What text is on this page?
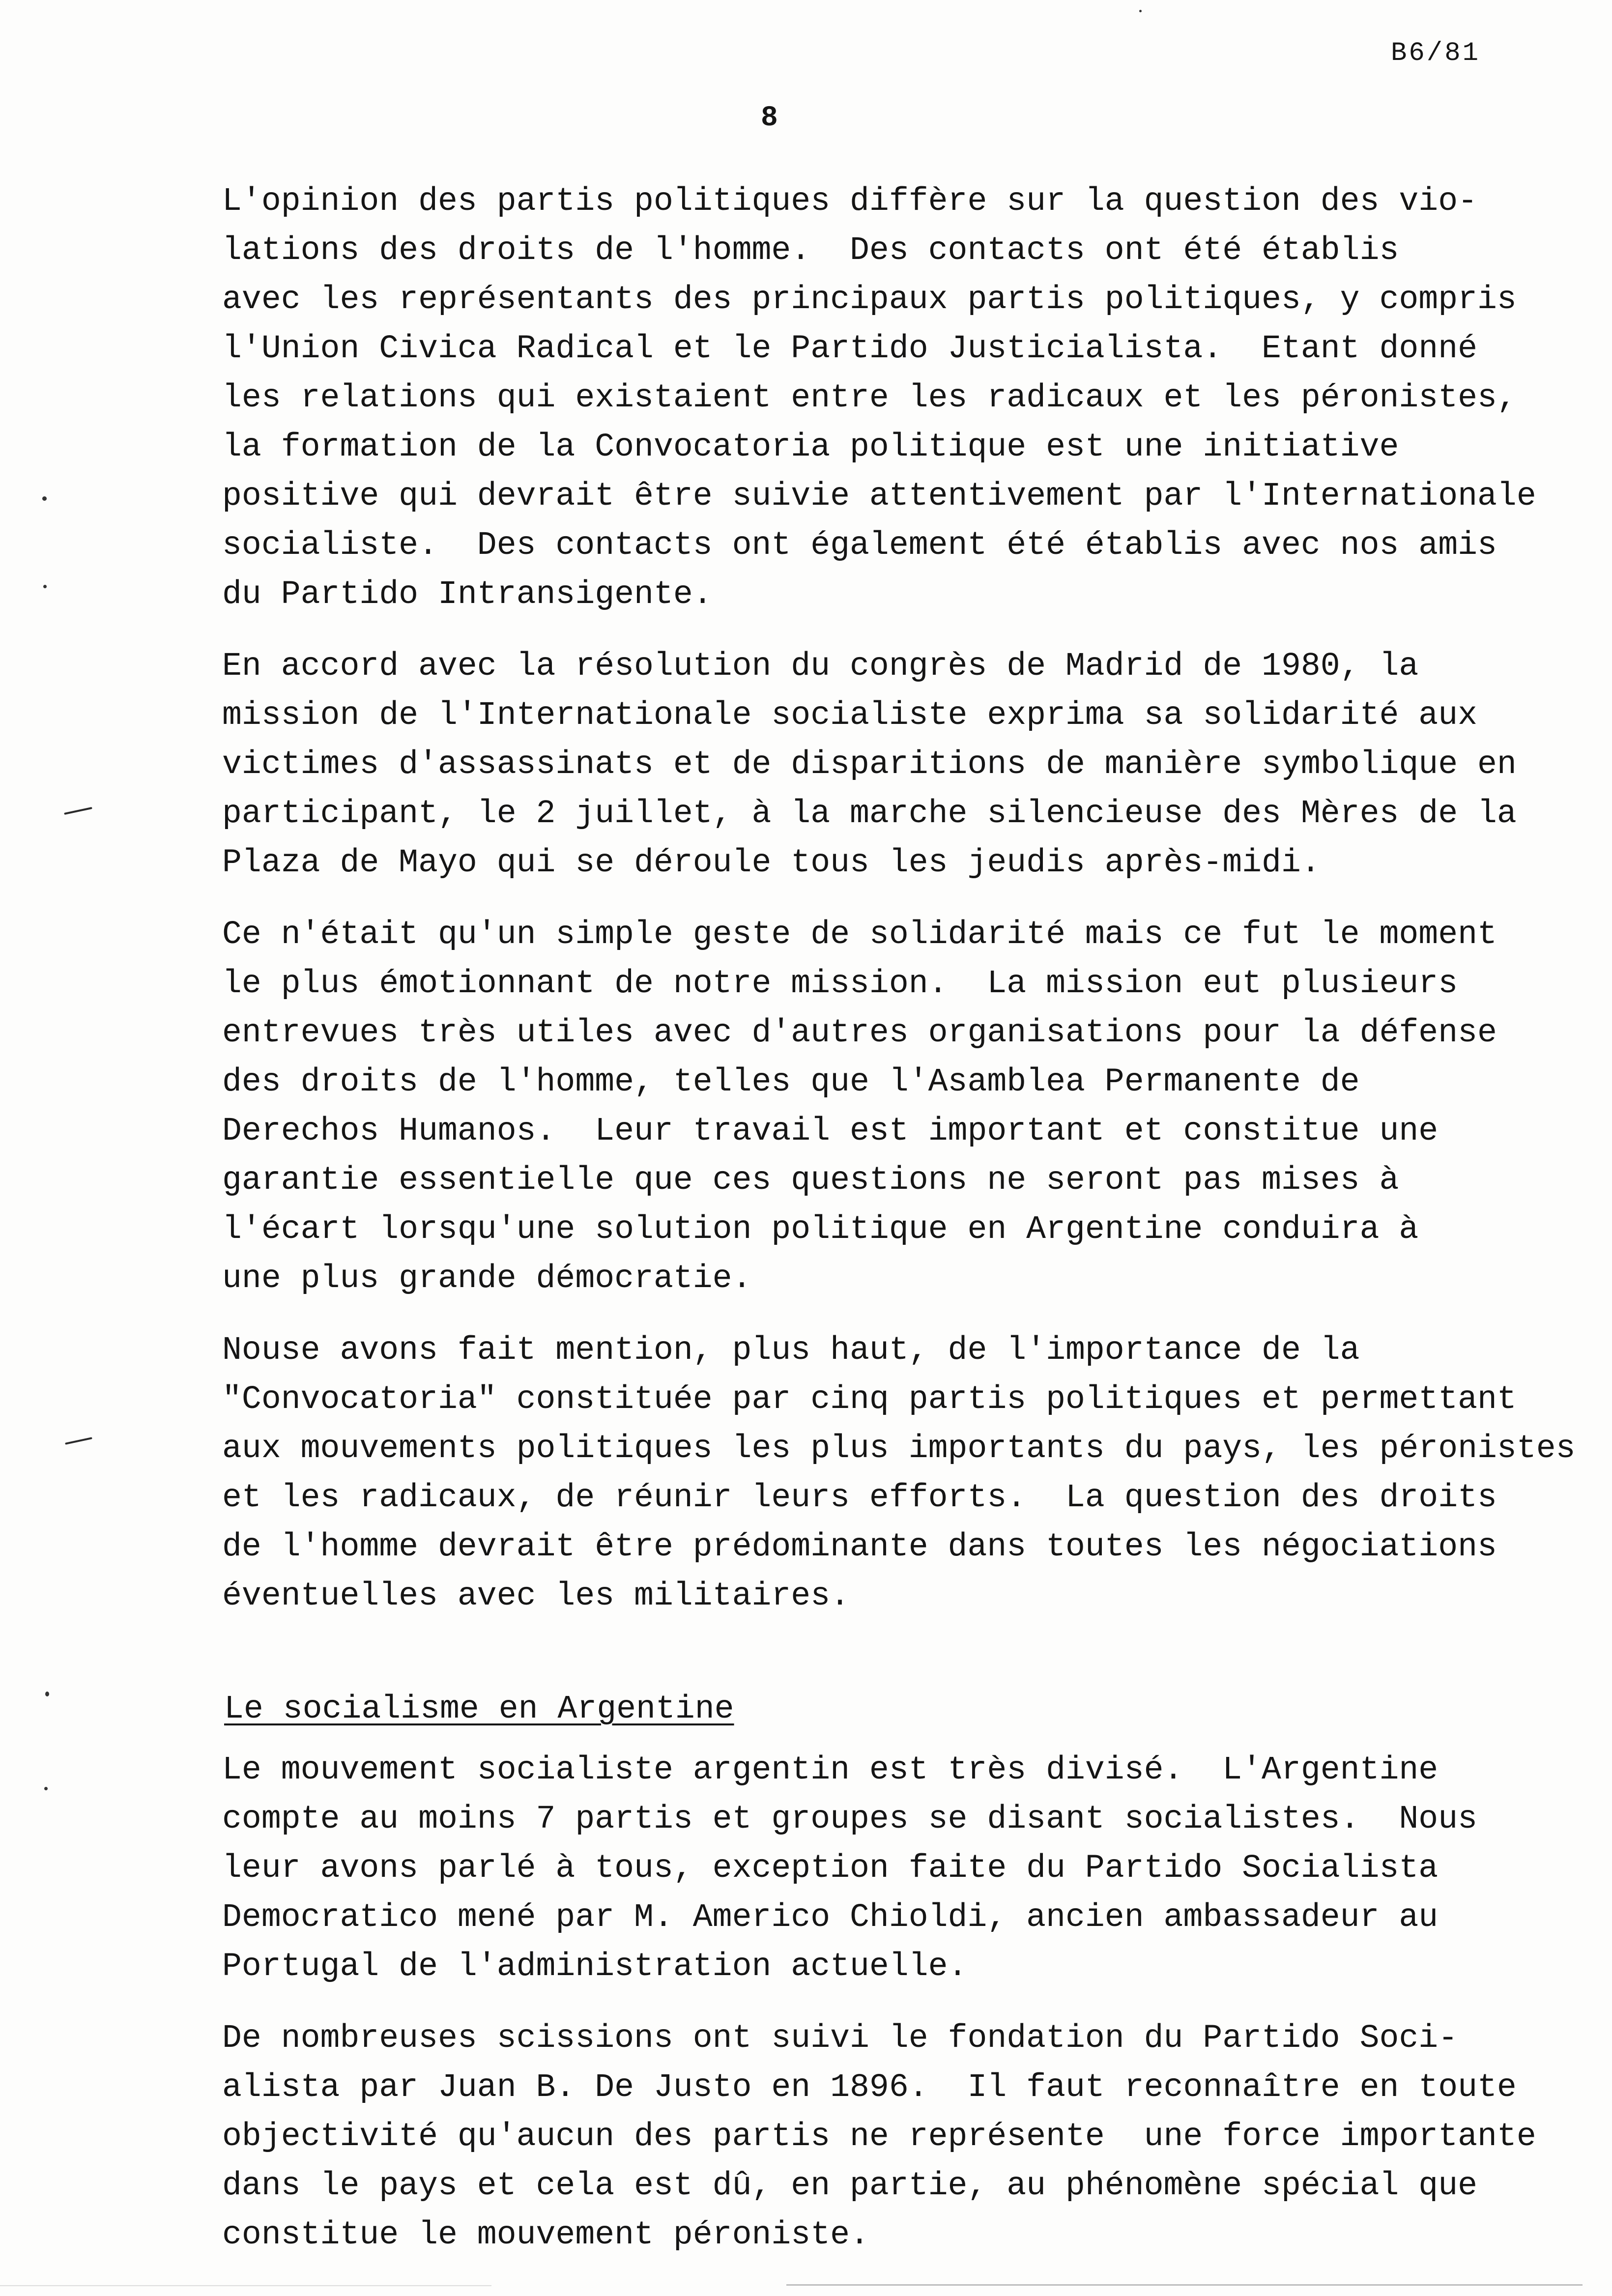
B6/81
8
L'opinion des partis politiques diffère sur la question des vio-
lations des droits de l'homme.  Des contacts ont été établis
avec les représentants des principaux partis politiques, y compris
l'Union Civica Radical et le Partido Justicialista.  Etant donné
les relations qui existaient entre les radicaux et les péronistes,
la formation de la Convocatoria politique est une initiative
positive qui devrait être suivie attentivement par l'Internationale
socialiste.  Des contacts ont également été établis avec nos amis
du Partido Intransigente.
En accord avec la résolution du congrès de Madrid de 1980, la
mission de l'Internationale socialiste exprima sa solidarité aux
victimes d'assassinats et de disparitions de manière symbolique en
participant, le 2 juillet, à la marche silencieuse des Mères de la
Plaza de Mayo qui se déroule tous les jeudis après-midi.
Ce n'était qu'un simple geste de solidarité mais ce fut le moment
le plus émotionnant de notre mission.  La mission eut plusieurs
entrevues très utiles avec d'autres organisations pour la défense
des droits de l'homme, telles que l'Asamblea Permanente de
Derechos Humanos.  Leur travail est important et constitue une
garantie essentielle que ces questions ne seront pas mises à
l'écart lorsqu'une solution politique en Argentine conduira à
une plus grande démocratie.
Nouse avons fait mention, plus haut, de l'importance de la
"Convocatoria" constituée par cinq partis politiques et permettant
aux mouvements politiques les plus importants du pays, les péronistes
et les radicaux, de réunir leurs efforts.  La question des droits
de l'homme devrait être prédominante dans toutes les négociations
éventuelles avec les militaires.
Le socialisme en Argentine
Le mouvement socialiste argentin est très divisé.  L'Argentine
compte au moins 7 partis et groupes se disant socialistes.  Nous
leur avons parlé à tous, exception faite du Partido Socialista
Democratico mené par M. Americo Chioldi, ancien ambassadeur au
Portugal de l'administration actuelle.
De nombreuses scissions ont suivi le fondation du Partido Soci-
alista par Juan B. De Justo en 1896.  Il faut reconnaître en toute
objectivité qu'aucun des partis ne représente  une force importante
dans le pays et cela est dû, en partie, au phénomène spécial que
constitue le mouvement péroniste.
